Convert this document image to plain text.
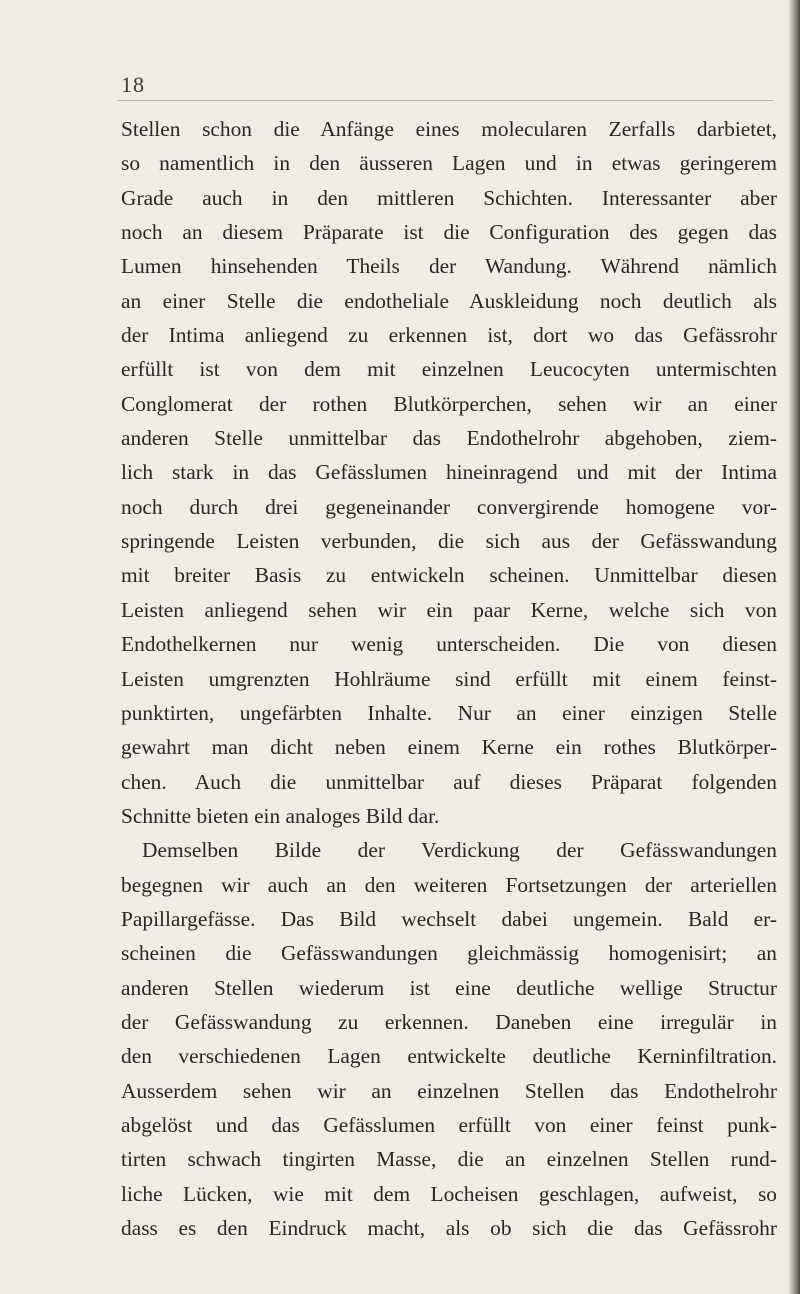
18
Stellen schon die Anfänge eines molecularen Zerfalls darbietet,
so namentlich in den äusseren Lagen und in etwas geringerem
Grade auch in den mittleren Schichten. Interessanter aber
noch an diesem Präparate ist die Configuration des gegen das
Lumen hinsehenden Theils der Wandung. Während nämlich
an einer Stelle die endotheliale Auskleidung noch deutlich als
der Intima anliegend zu erkennen ist, dort wo das Gefässrohr
erfüllt ist von dem mit einzelnen Leucocyten untermischten
Conglomerat der rothen Blutkörperchen, sehen wir an einer
anderen Stelle unmittelbar das Endothelrohr abgehoben, ziem-
lich stark in das Gefässlumen hineinragend und mit der Intima
noch durch drei gegeneinander convergirende homogene vor-
springende Leisten verbunden, die sich aus der Gefässwandung
mit breiter Basis zu entwickeln scheinen. Unmittelbar diesen
Leisten anliegend sehen wir ein paar Kerne, welche sich von
Endothelkernen nur wenig unterscheiden. Die von diesen
Leisten umgrenzten Hohlräume sind erfüllt mit einem feinst-
punktirten, ungefärbten Inhalte. Nur an einer einzigen Stelle
gewahrt man dicht neben einem Kerne ein rothes Blutkörper-
chen. Auch die unmittelbar auf dieses Präparat folgenden
Schnitte bieten ein analoges Bild dar.
Demselben Bilde der Verdickung der Gefässwandungen
begegnen wir auch an den weiteren Fortsetzungen der arteriellen
Papillargefässe. Das Bild wechselt dabei ungemein. Bald er-
scheinen die Gefässwandungen gleichmässig homogenisirt; an
anderen Stellen wiederum ist eine deutliche wellige Structur
der Gefässwandung zu erkennen. Daneben eine irregulär in
den verschiedenen Lagen entwickelte deutliche Kerninfiltration.
Ausserdem sehen wir an einzelnen Stellen das Endothelrohr
abgelöst und das Gefässlumen erfüllt von einer feinst punk-
tirten schwach tingirten Masse, die an einzelnen Stellen rund-
liche Lücken, wie mit dem Locheisen geschlagen, aufweist, so
dass es den Eindruck macht, als ob sich die das Gefässrohr
